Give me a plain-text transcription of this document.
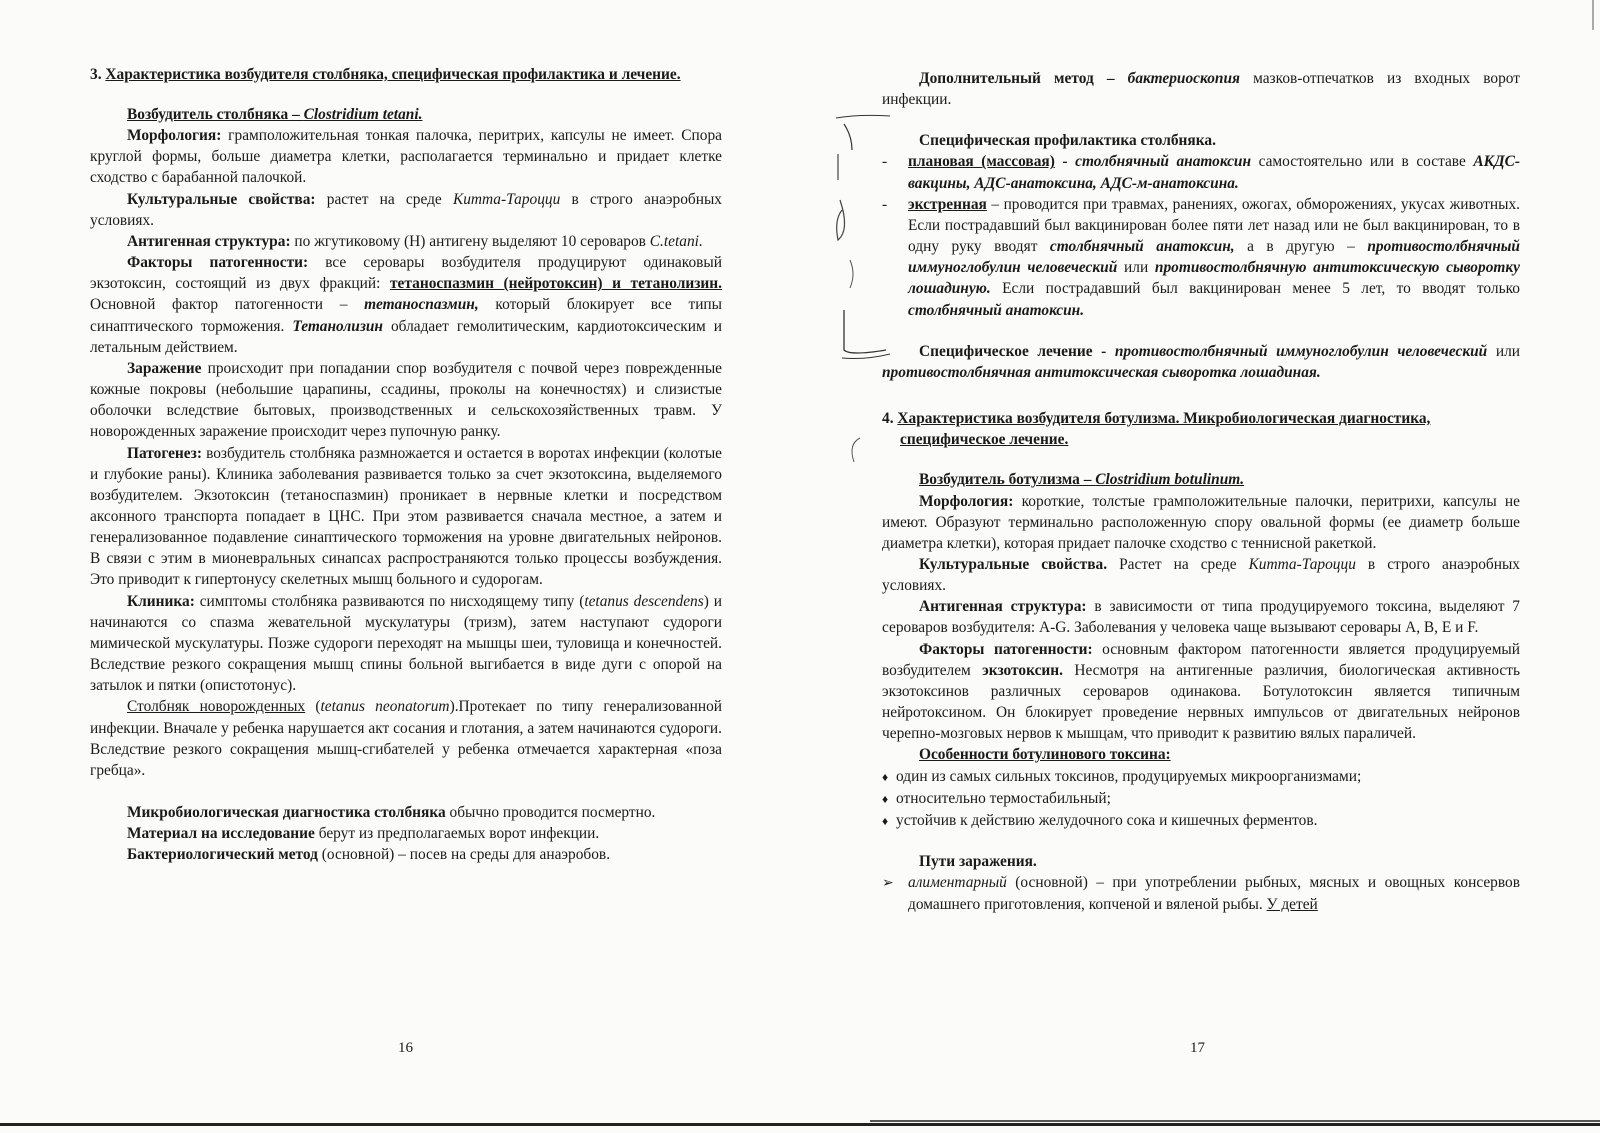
3. Характеристика возбудителя столбняка, специфическая профилактика и лечение.

Возбудитель столбняка – Clostridium tetani.

Морфология: грамположительная тонкая палочка, перитрих, капсулы не имеет. Спора круглой формы, больше диаметра клетки, располагается терминально и придает клетке сходство с барабанной палочкой.

Культуральные свойства: растет на среде Китта-Тароцци в строго анаэробных условиях.

Антигенная структура: по жгутиковому (Н) антигену выделяют 10 сероваров C.tetani.

Факторы патогенности: все серовары возбудителя продуцируют одинаковый экзотоксин, состоящий из двух фракций: тетаноспазмин (нейротоксин) и тетанолизин. Основной фактор патогенности – тетаноспазмин, который блокирует все типы синаптического торможения. Тетанолизин обладает гемолитическим, кардиотоксическим и летальным действием.

Заражение происходит при попадании спор возбудителя с почвой через поврежденные кожные покровы (небольшие царапины, ссадины, проколы на конечностях) и слизистые оболочки вследствие бытовых, производственных и сельскохозяйственных травм. У новорожденных заражение происходит через пупочную ранку.

Патогенез: возбудитель столбняка размножается и остается в воротах инфекции (колотые и глубокие раны). Клиника заболевания развивается только за счет экзотоксина, выделяемого возбудителем. Экзотоксин (тетаноспазмин) проникает в нервные клетки и посредством аксонного транспорта попадает в ЦНС. При этом развивается сначала местное, а затем и генерализованное подавление синаптического торможения на уровне двигательных нейронов. В связи с этим в мионевральных синапсах распространяются только процессы возбуждения. Это приводит к гипертонусу скелетных мышц больного и судорогам.

Клиника: симптомы столбняка развиваются по нисходящему типу (tetanus descendens) и начинаются со спазма жевательной мускулатуры (тризм), затем наступают судороги мимической мускулатуры. Позже судороги переходят на мышцы шеи, туловища и конечностей. Вследствие резкого сокращения мышц спины больной выгибается в виде дуги с опорой на затылок и пятки (опистотонус).

Столбняк новорожденных (tetanus neonatorum).Протекает по типу генерализованной инфекции. Вначале у ребенка нарушается акт сосания и глотания, а затем начинаются судороги. Вследствие резкого сокращения мышц-сгибателей у ребенка отмечается характерная «поза гребца».

Микробиологическая диагностика столбняка обычно проводится посмертно.

Материал на исследование берут из предполагаемых ворот инфекции.

Бактериологический метод (основной) – посев на среды для анаэробов.

16

Дополнительный метод – бактериоскопия мазков-отпечатков из входных ворот инфекции.

Специфическая профилактика столбняка.

- плановая (массовая) - столбнячный анатоксин самостоятельно или в составе АКДС-вакцины, АДС-анатоксина, АДС-м-анатоксина.

- экстренная – проводится при травмах, ранениях, ожогах, обморожениях, укусах животных. Если пострадавший был вакцинирован более пяти лет назад или не был вакцинирован, то в одну руку вводят столбнячный анатоксин, а в другую – противостолбнячный иммуноглобулин человеческий или противостолбнячную антитоксическую сыворотку лошадиную. Если пострадавший был вакцинирован менее 5 лет, то вводят только столбнячный анатоксин.

Специфическое лечение - противостолбнячный иммуноглобулин человеческий или противостолбнячная антитоксическая сыворотка лошадиная.

4. Характеристика возбудителя ботулизма. Микробиологическая диагностика, специфическое лечение.

Возбудитель ботулизма – Clostridium botulinum.

Морфология: короткие, толстые грамположительные палочки, перитрихи, капсулы не имеют. Образуют терминально расположенную спору овальной формы (ее диаметр больше диаметра клетки), которая придает палочке сходство с теннисной ракеткой.

Культуральные свойства. Растет на среде Китта-Тароцци в строго анаэробных условиях.

Антигенная структура: в зависимости от типа продуцируемого токсина, выделяют 7 сероваров возбудителя: A-G. Заболевания у человека чаще вызывают серовары A, B, E и F.

Факторы патогенности: основным фактором патогенности является продуцируемый возбудителем экзотоксин. Несмотря на антигенные различия, биологическая активность экзотоксинов различных сероваров одинакова. Ботулотоксин является типичным нейротоксином. Он блокирует проведение нервных импульсов от двигательных нейронов черепно-мозговых нервов к мышцам, что приводит к развитию вялых параличей.

Особенности ботулинового токсина:

♦ один из самых сильных токсинов, продуцируемых микроорганизмами;

♦ относительно термостабильный;

♦ устойчив к действию желудочного сока и кишечных ферментов.

Пути заражения.

➢ алиментарный (основной) – при употреблении рыбных, мясных и овощных консервов домашнего приготовления, копченой и вяленой рыбы. У детей

17
